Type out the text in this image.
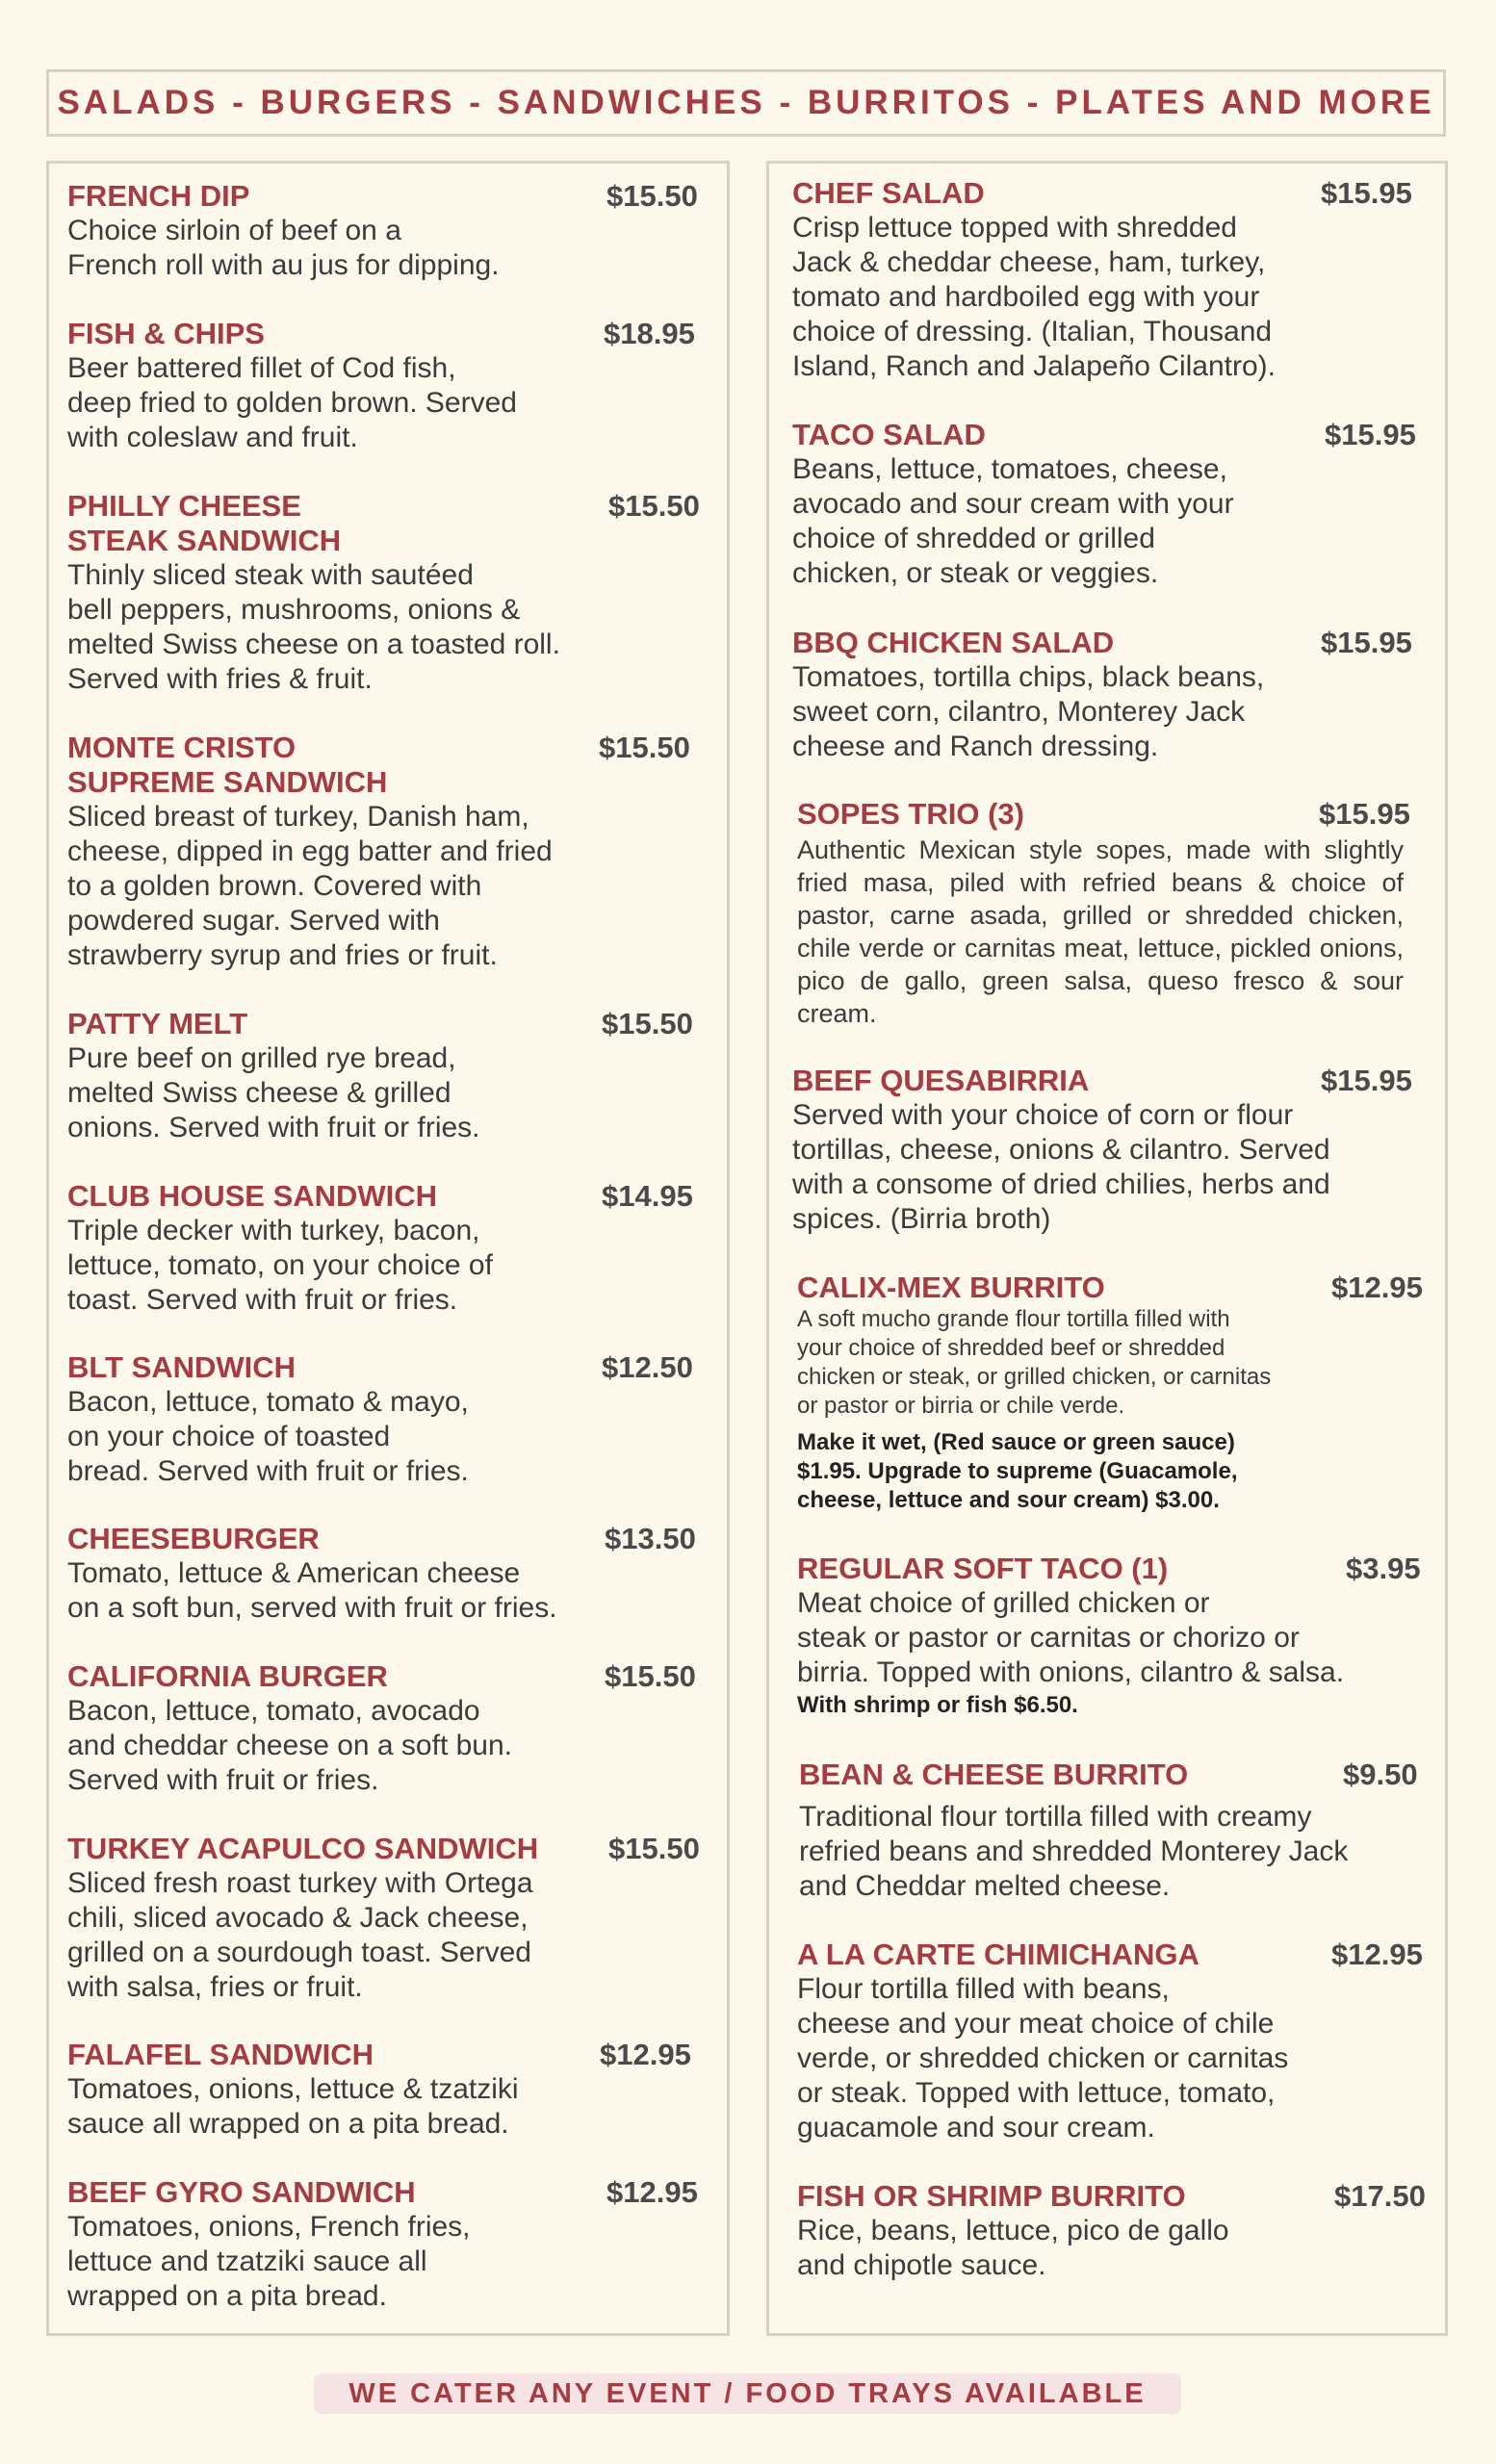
SALADS - BURGERS - SANDWICHES - BURRITOS - PLATES AND MORE
FRENCH DIP	$15.50
Choice sirloin of beef on a
French roll with au jus for dipping.
FISH & CHIPS	$18.95
Beer battered fillet of Cod fish,
deep fried to golden brown. Served
with coleslaw and fruit.
PHILLY CHEESE
STEAK SANDWICH
$15.50
Thinly sliced steak with sautéed
bell peppers, mushrooms, onions &
melted Swiss cheese on a toasted roll.
Served with fries & fruit.
MONTE CRISTO
SUPREME SANDWICH
$15.50
Sliced breast of turkey, Danish ham,
cheese, dipped in egg batter and fried
to a golden brown. Covered with
powdered sugar. Served with
strawberry syrup and fries or fruit.
PATTY MELT	$15.50
Pure beef on grilled rye bread,
melted Swiss cheese & grilled
onions. Served with fruit or fries.
CLUB HOUSE SANDWICH	$14.95
Triple decker with turkey, bacon,
lettuce, tomato, on your choice of
toast. Served with fruit or fries.
BLT SANDWICH	$12.50
Bacon, lettuce, tomato & mayo,
on your choice of toasted
bread. Served with fruit or fries.
CHEESEBURGER	$13.50
Tomato, lettuce & American cheese
on a soft bun, served with fruit or fries.
CALIFORNIA BURGER	$15.50
Bacon, lettuce, tomato, avocado
and cheddar cheese on a soft bun.
Served with fruit or fries.
TURKEY ACAPULCO SANDWICH	$15.50
Sliced fresh roast turkey with Ortega
chili, sliced avocado & Jack cheese,
grilled on a sourdough toast. Served
with salsa, fries or fruit.
FALAFEL SANDWICH	$12.95
Tomatoes, onions, lettuce & tzatziki
sauce all wrapped on a pita bread.
BEEF GYRO SANDWICH	$12.95
Tomatoes, onions, French fries,
lettuce and tzatziki sauce all
wrapped on a pita bread.
CHEF SALAD	$15.95
Crisp lettuce topped with shredded
Jack & cheddar cheese, ham, turkey,
tomato and hardboiled egg with your
choice of dressing. (Italian, Thousand
Island, Ranch and Jalapeño Cilantro).
TACO SALAD	$15.95
Beans, lettuce, tomatoes, cheese,
avocado and sour cream with your
choice of shredded or grilled
chicken, or steak or veggies.
BBQ CHICKEN SALAD	$15.95
Tomatoes, tortilla chips, black beans,
sweet corn, cilantro, Monterey Jack
cheese and Ranch dressing.
SOPES TRIO (3)	$15.95
Authentic Mexican style sopes, made with slightly fried masa, piled with refried beans & choice of pastor, carne asada, grilled or shredded chicken, chile verde or carnitas meat, lettuce, pickled onions, pico de gallo, green salsa, queso fresco & sour cream.
BEEF QUESABIRRIA	$15.95
Served with your choice of corn or flour
tortillas, cheese, onions & cilantro. Served
with a consome of dried chilies, herbs and
spices. (Birria broth)
CALIX-MEX BURRITO	$12.95
A soft mucho grande flour tortilla filled with
your choice of shredded beef or shredded
chicken or steak, or grilled chicken, or carnitas
or pastor or birria or chile verde.
Make it wet, (Red sauce or green sauce)
$1.95. Upgrade to supreme (Guacamole,
cheese, lettuce and sour cream) $3.00.
REGULAR SOFT TACO (1)	$3.95
Meat choice of grilled chicken or
steak or pastor or carnitas or chorizo or
birria. Topped with onions, cilantro & salsa.
With shrimp or fish $6.50.
BEAN & CHEESE BURRITO	$9.50
Traditional flour tortilla filled with creamy
refried beans and shredded Monterey Jack
and Cheddar melted cheese.
A LA CARTE CHIMICHANGA	$12.95
Flour tortilla filled with beans,
cheese and your meat choice of chile
verde, or shredded chicken or carnitas
or steak. Topped with lettuce, tomato,
guacamole and sour cream.
FISH OR SHRIMP BURRITO	$17.50
Rice, beans, lettuce, pico de gallo
and chipotle sauce.
WE CATER ANY EVENT / FOOD TRAYS AVAILABLE
